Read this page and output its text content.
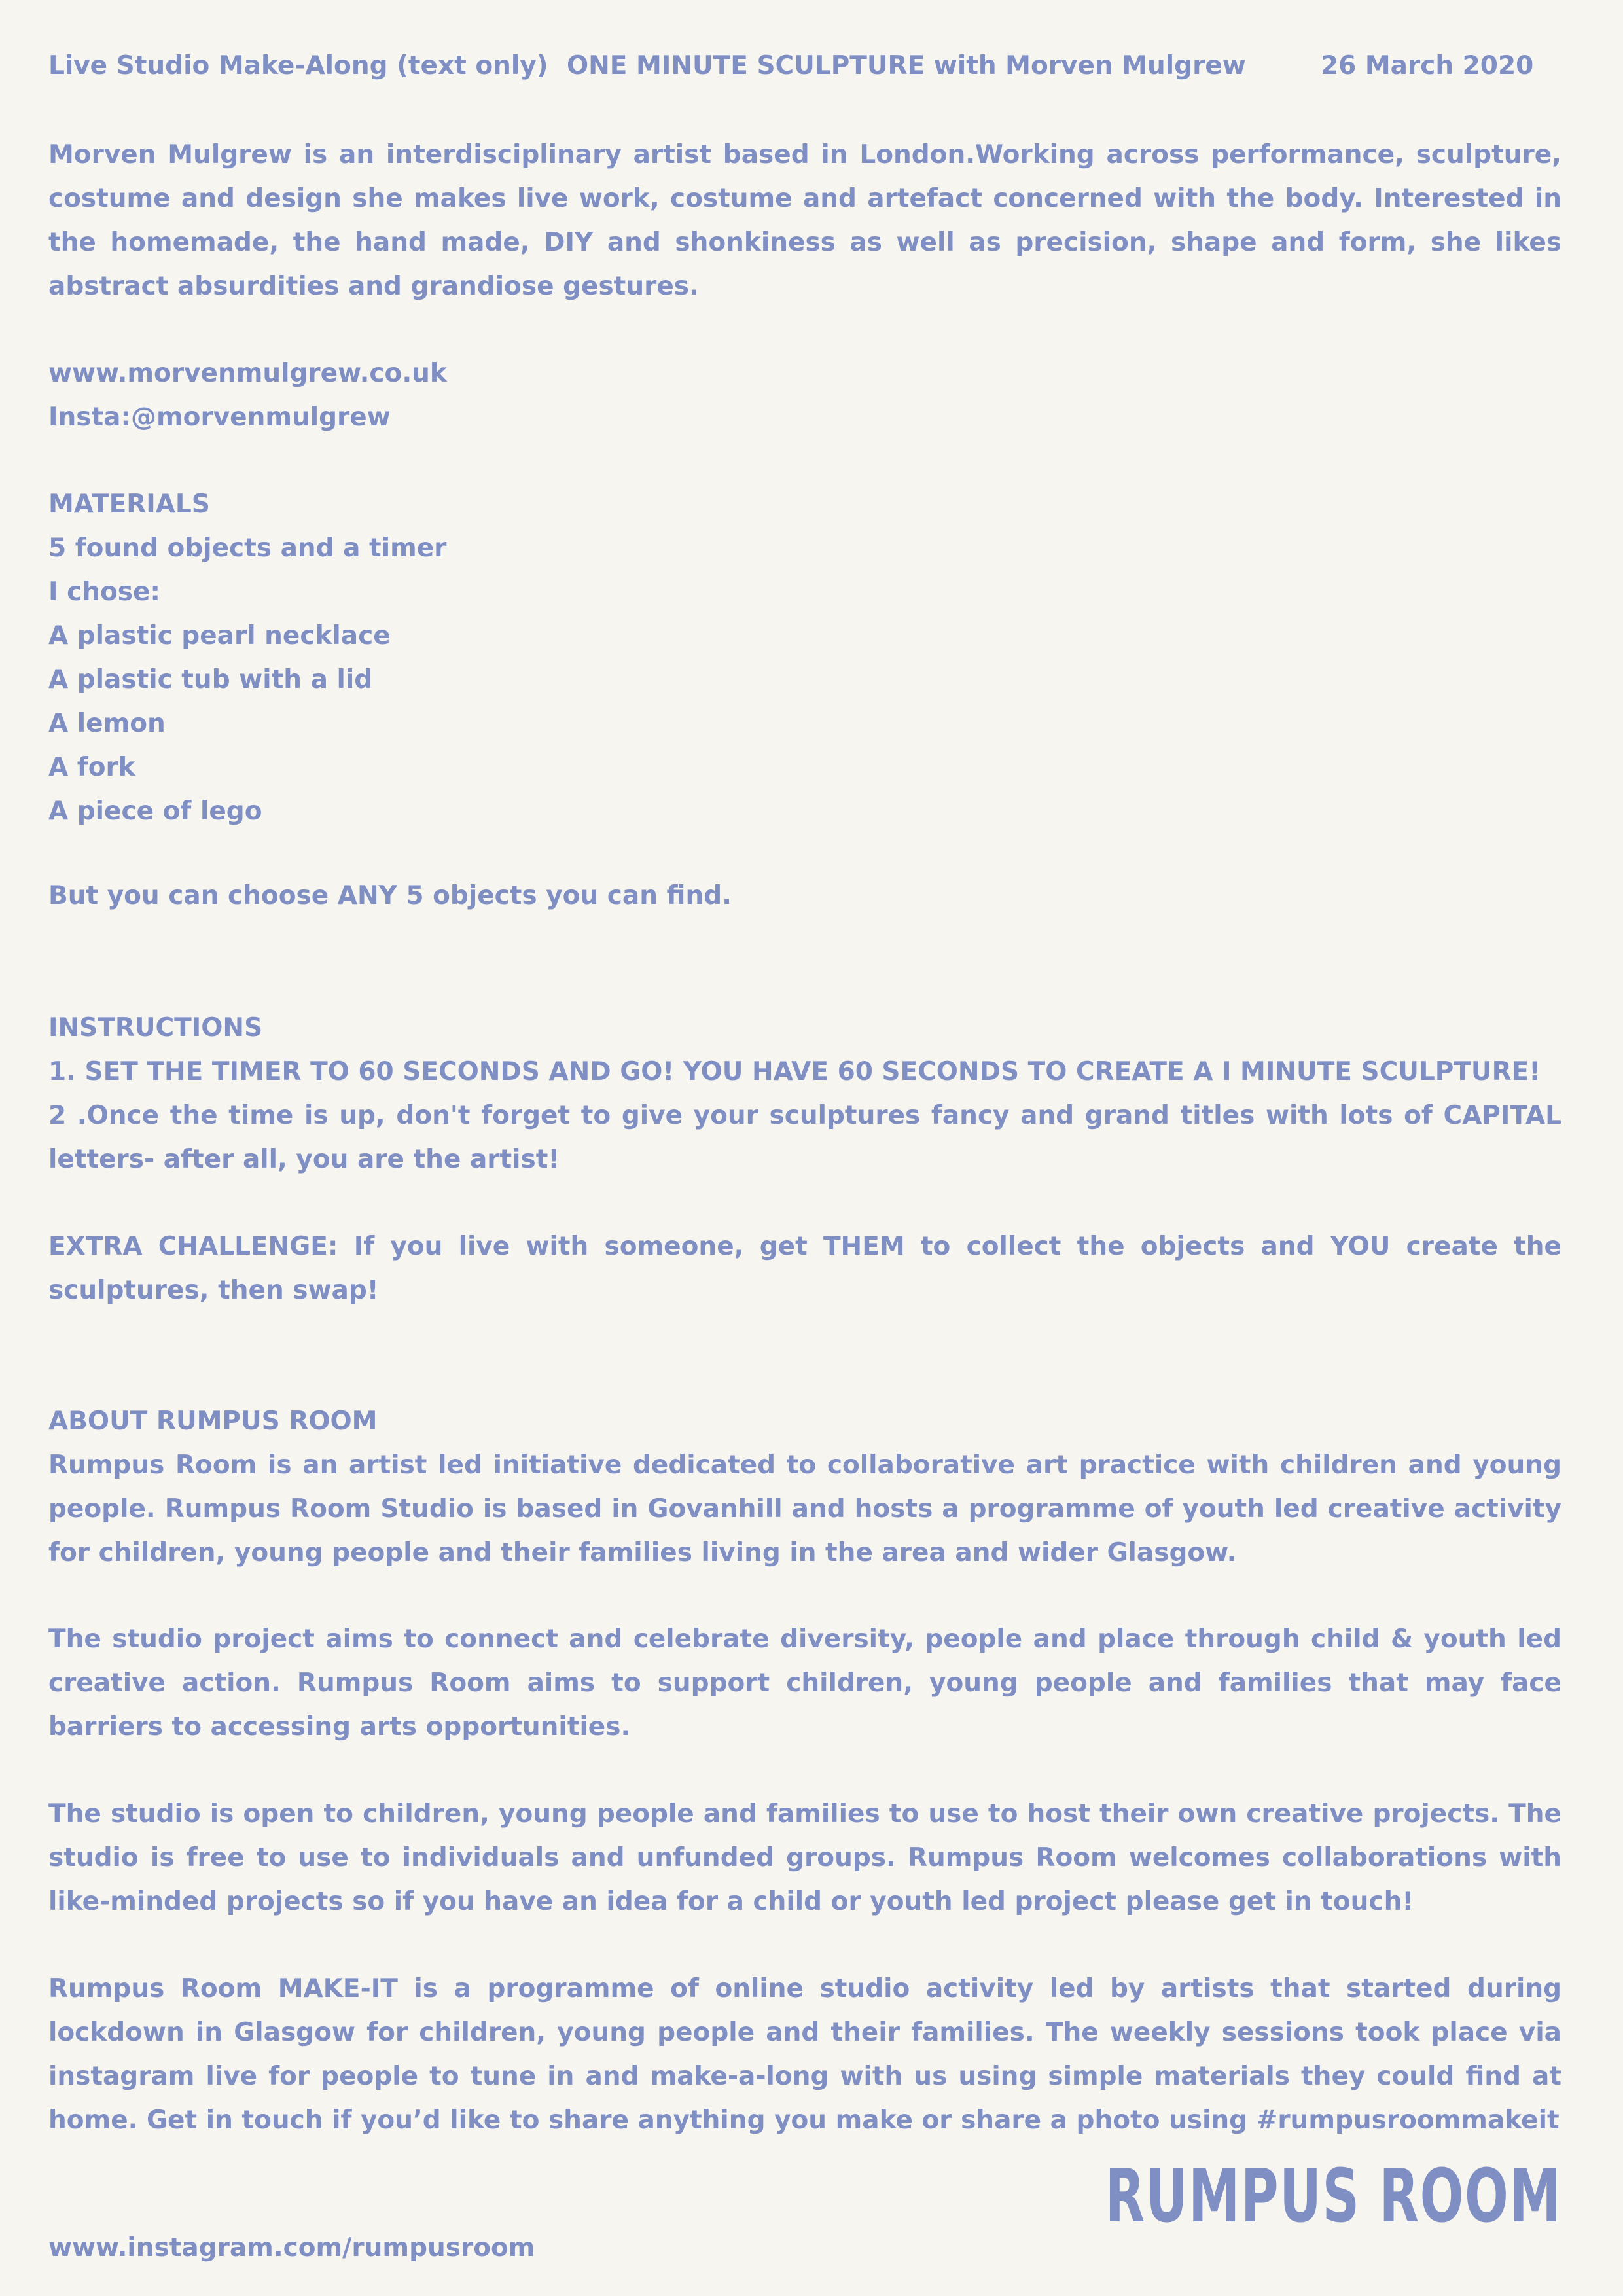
Live Studio Make-Along (text only) ONE MINUTE SCULPTURE with Morven Mulgrew	26 March 2020

Morven Mulgrew is an interdisciplinary artist based in London.Working across performance, sculpture, costume and design she makes live work, costume and artefact concerned with the body. Interested in the homemade, the hand made, DIY and shonkiness as well as precision, shape and form, she likes abstract absurdities and grandiose gestures.

www.morvenmulgrew.co.uk
Insta:@morvenmulgrew
MATERIALS
5 found objects and a timer
I chose:
A plastic pearl necklace
A plastic tub with a lid
A lemon
A fork
A piece of lego
But you can choose ANY 5 objects you can find.
INSTRUCTIONS
1. SET THE TIMER TO 60 SECONDS AND GO! YOU HAVE 60 SECONDS TO CREATE A I MINUTE SCULPTURE!

2 .Once the time is up, don't forget to give your sculptures fancy and grand titles with lots of CAPITAL letters- after all, you are the artist!

EXTRA CHALLENGE: If you live with someone, get THEM to collect the objects and YOU create the sculptures, then swap!

ABOUT RUMPUS ROOM

Rumpus Room is an artist led initiative dedicated to collaborative art practice with children and young people. Rumpus Room Studio is based in Govanhill and hosts a programme of youth led creative activity for children, young people and their families living in the area and wider Glasgow.

The studio project aims to connect and celebrate diversity, people and place through child & youth led creative action. Rumpus Room aims to support children, young people and families that may face barriers to accessing arts opportunities.

The studio is open to children, young people and families to use to host their own creative projects. The studio is free to use to individuals and unfunded groups. Rumpus Room welcomes collaborations with like-minded projects so if you have an idea for a child or youth led project please get in touch!

Rumpus Room MAKE-IT is a programme of online studio activity led by artists that started during lockdown in Glasgow for children, young people and their families. The weekly sessions took place via instagram live for people to tune in and make-a-long with us using simple materials they could find at home. Get in touch if you’d like to share anything you make or share a photo using #rumpusroommakeit

RUMPUS ROOM
www.instagram.com/rumpusroom
